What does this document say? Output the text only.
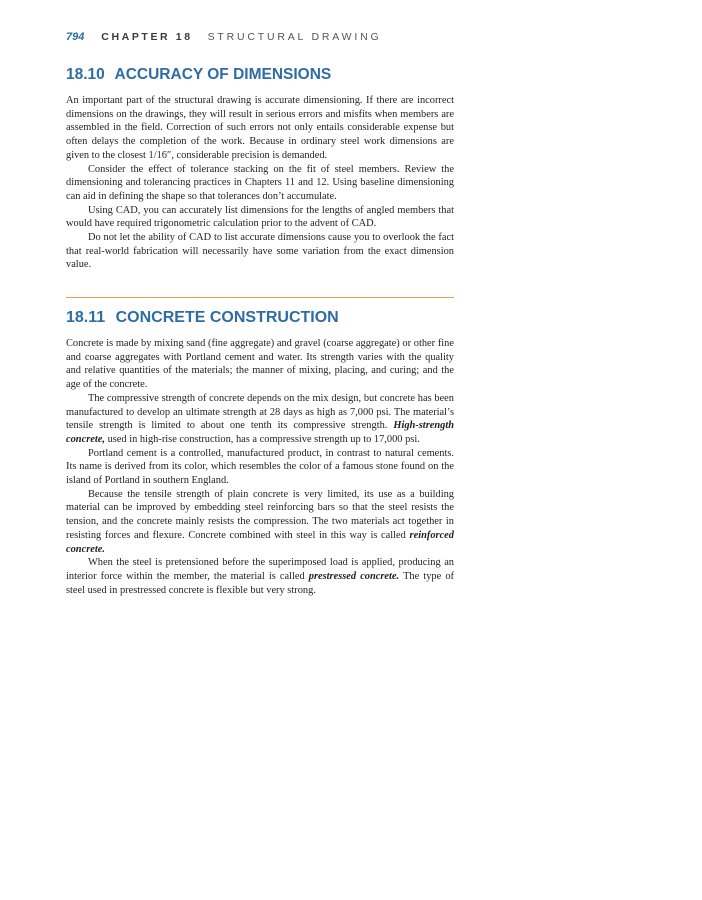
794 CHAPTER 18 STRUCTURAL DRAWING
18.10 ACCURACY OF DIMENSIONS

An important part of the structural drawing is accurate dimensioning. If there are incorrect dimensions on the drawings, they will result in serious errors and misfits when members are assembled in the field. Correction of such errors not only entails considerable expense but often delays the completion of the work. Because in ordinary steel work dimensions are given to the closest 1/16″, considerable precision is demanded.

Consider the effect of tolerance stacking on the fit of steel members. Review the dimensioning and tolerancing practices in Chapters 11 and 12. Using baseline dimensioning can aid in defining the shape so that tolerances don’t accumulate.

Using CAD, you can accurately list dimensions for the lengths of angled members that would have required trigonometric calculation prior to the advent of CAD.

Do not let the ability of CAD to list accurate dimensions cause you to overlook the fact that real-world fabrication will necessarily have some variation from the exact dimension value.

18.11 CONCRETE CONSTRUCTION

Concrete is made by mixing sand (fine aggregate) and gravel (coarse aggregate) or other fine and coarse aggregates with Portland cement and water. Its strength varies with the quality and relative quantities of the materials; the manner of mixing, placing, and curing; and the age of the concrete.

The compressive strength of concrete depends on the mix design, but concrete has been manufactured to develop an ultimate strength at 28 days as high as 7,000 psi. The material’s tensile strength is limited to about one tenth its compressive strength. High-strength concrete, used in high-rise construction, has a compressive strength up to 17,000 psi.

Portland cement is a controlled, manufactured product, in contrast to natural cements. Its name is derived from its color, which resembles the color of a famous stone found on the island of Portland in southern England.

Because the tensile strength of plain concrete is very limited, its use as a building material can be improved by embedding steel reinforcing bars so that the steel resists the tension, and the concrete mainly resists the compression. The two materials act together in resisting forces and flexure. Concrete combined with steel in this way is called reinforced concrete.

When the steel is pretensioned before the superimposed load is applied, producing an interior force within the member, the material is called prestressed concrete. The type of steel used in prestressed concrete is flexible but very strong.
